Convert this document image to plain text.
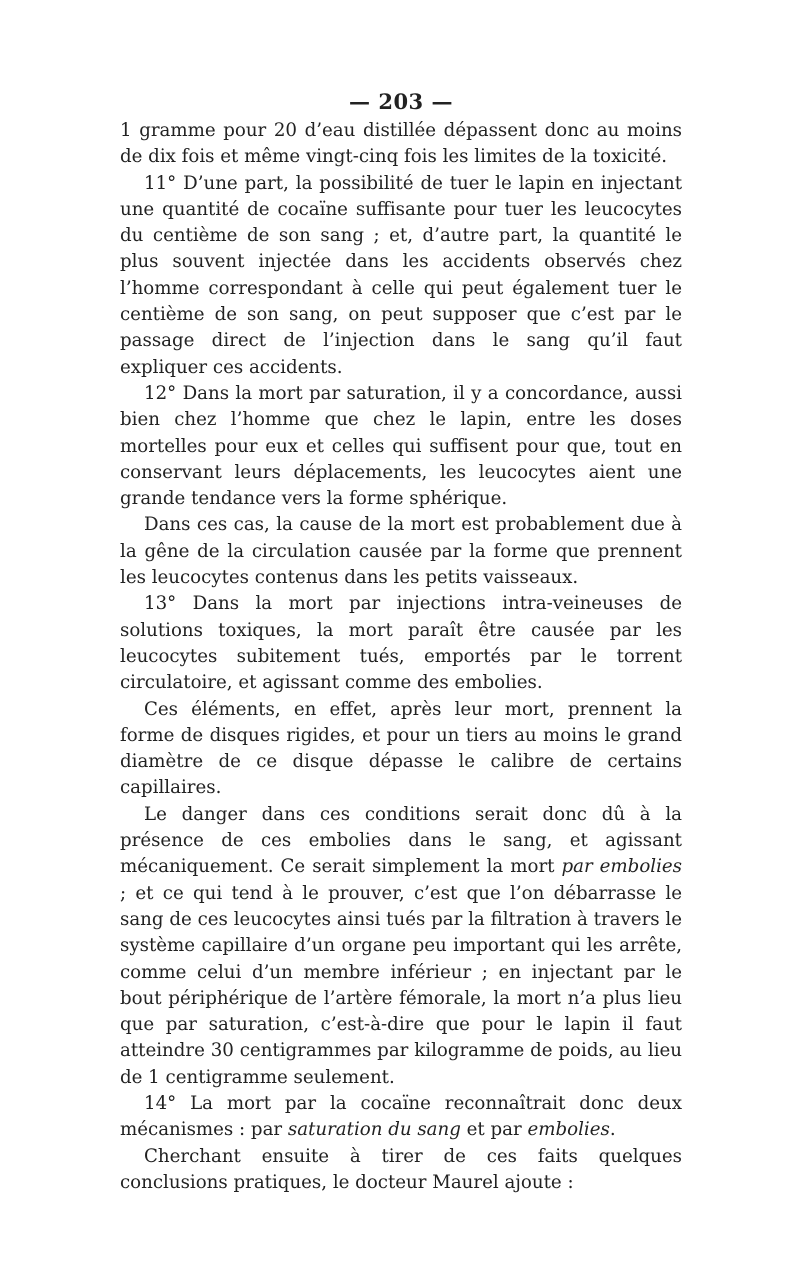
— 203 —

1 gramme pour 20 d’eau distillée dépassent donc au moins de dix fois et même vingt-cinq fois les limites de la toxicité.

11° D’une part, la possibilité de tuer le lapin en injectant une quantité de cocaïne suffisante pour tuer les leucocytes du centième de son sang ; et, d’autre part, la quantité le plus souvent injectée dans les accidents observés chez l’homme correspondant à celle qui peut également tuer le centième de son sang, on peut supposer que c’est par le passage direct de l’injection dans le sang qu’il faut expliquer ces accidents.

12° Dans la mort par saturation, il y a concordance, aussi bien chez l’homme que chez le lapin, entre les doses mortelles pour eux et celles qui suffisent pour que, tout en conservant leurs déplacements, les leucocytes aient une grande tendance vers la forme sphérique.

Dans ces cas, la cause de la mort est probablement due à la gêne de la circulation causée par la forme que prennent les leucocytes contenus dans les petits vaisseaux.

13° Dans la mort par injections intra-veineuses de solutions toxiques, la mort paraît être causée par les leucocytes subitement tués, emportés par le torrent circulatoire, et agissant comme des embolies.

Ces éléments, en effet, après leur mort, prennent la forme de disques rigides, et pour un tiers au moins le grand diamètre de ce disque dépasse le calibre de certains capillaires.

Le danger dans ces conditions serait donc dû à la présence de ces embolies dans le sang, et agissant mécaniquement. Ce serait simplement la mort par embolies ; et ce qui tend à le prouver, c’est que l’on débarrasse le sang de ces leucocytes ainsi tués par la filtration à travers le système capillaire d’un organe peu important qui les arrête, comme celui d’un membre inférieur ; en injectant par le bout périphérique de l’artère fémorale, la mort n’a plus lieu que par saturation, c’est-à-dire que pour le lapin il faut atteindre 30 centigrammes par kilogramme de poids, au lieu de 1 centigramme seulement.

14° La mort par la cocaïne reconnaîtrait donc deux mécanismes : par saturation du sang et par embolies.

Cherchant ensuite à tirer de ces faits quelques conclusions pratiques, le docteur Maurel ajoute :
